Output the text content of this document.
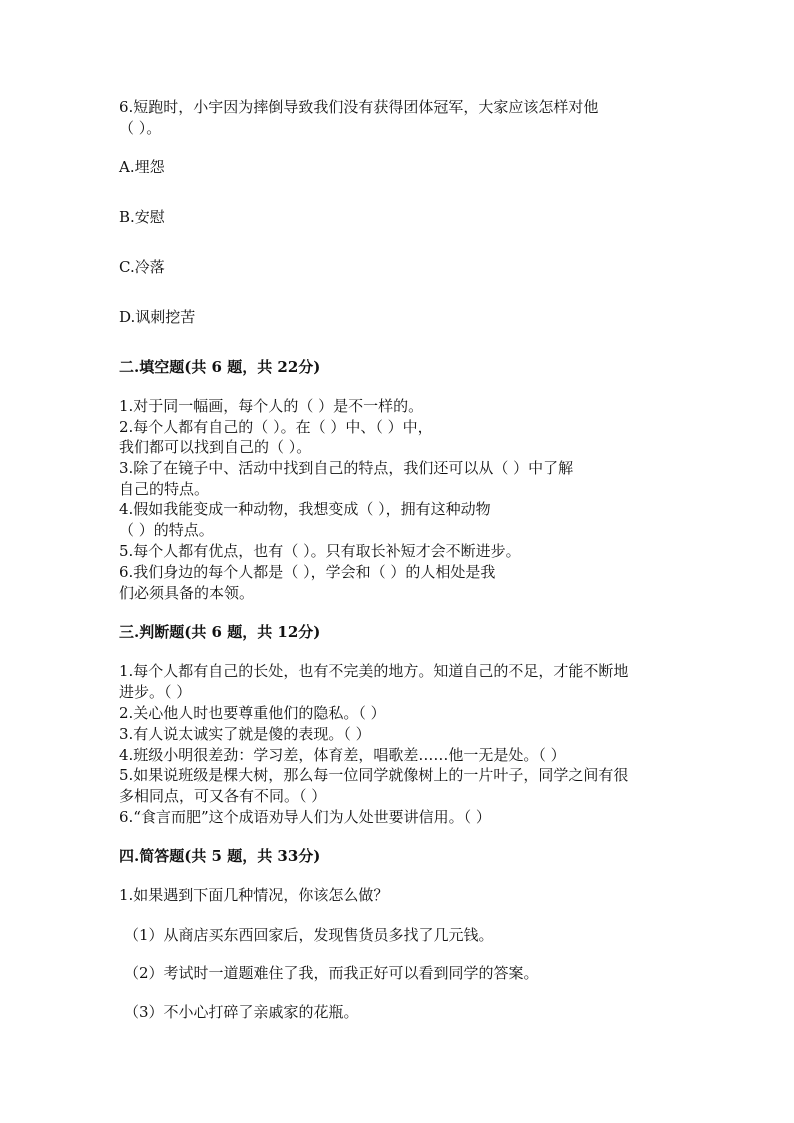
6.短跑时，小宇因为摔倒导致我们没有获得团体冠军，大家应该怎样对他
（ ）。
A.埋怨
B.安慰
C.冷落
D.讽刺挖苦
二.填空题(共 6 题，共 22分)
1.对于同一幅画，每个人的（ ）是不一样的。
2.每个人都有自己的（ ）。在（ ）中、（ ）中，
我们都可以找到自己的（ ）。
3.除了在镜子中、活动中找到自己的特点，我们还可以从（ ）中了解
自己的特点。
4.假如我能变成一种动物，我想变成（ ），拥有这种动物
（ ）的特点。
5.每个人都有优点，也有（ ）。只有取长补短才会不断进步。
6.我们身边的每个人都是（ ），学会和（ ）的人相处是我
们必须具备的本领。
三.判断题(共 6 题，共 12分)
1.每个人都有自己的长处，也有不完美的地方。知道自己的不足，才能不断地
进步。（ ）
2.关心他人时也要尊重他们的隐私。（ ）
3.有人说太诚实了就是傻的表现。（ ）
4.班级小明很差劲：学习差，体育差，唱歌差……他一无是处。（ ）
5.如果说班级是棵大树，那么每一位同学就像树上的一片叶子，同学之间有很
多相同点，可又各有不同。（ ）
6.“食言而肥”这个成语劝导人们为人处世要讲信用。（ ）
四.简答题(共 5 题，共 33分)
1.如果遇到下面几种情况，你该怎么做？
（1）从商店买东西回家后，发现售货员多找了几元钱。
（2）考试时一道题难住了我，而我正好可以看到同学的答案。
（3）不小心打碎了亲戚家的花瓶。
